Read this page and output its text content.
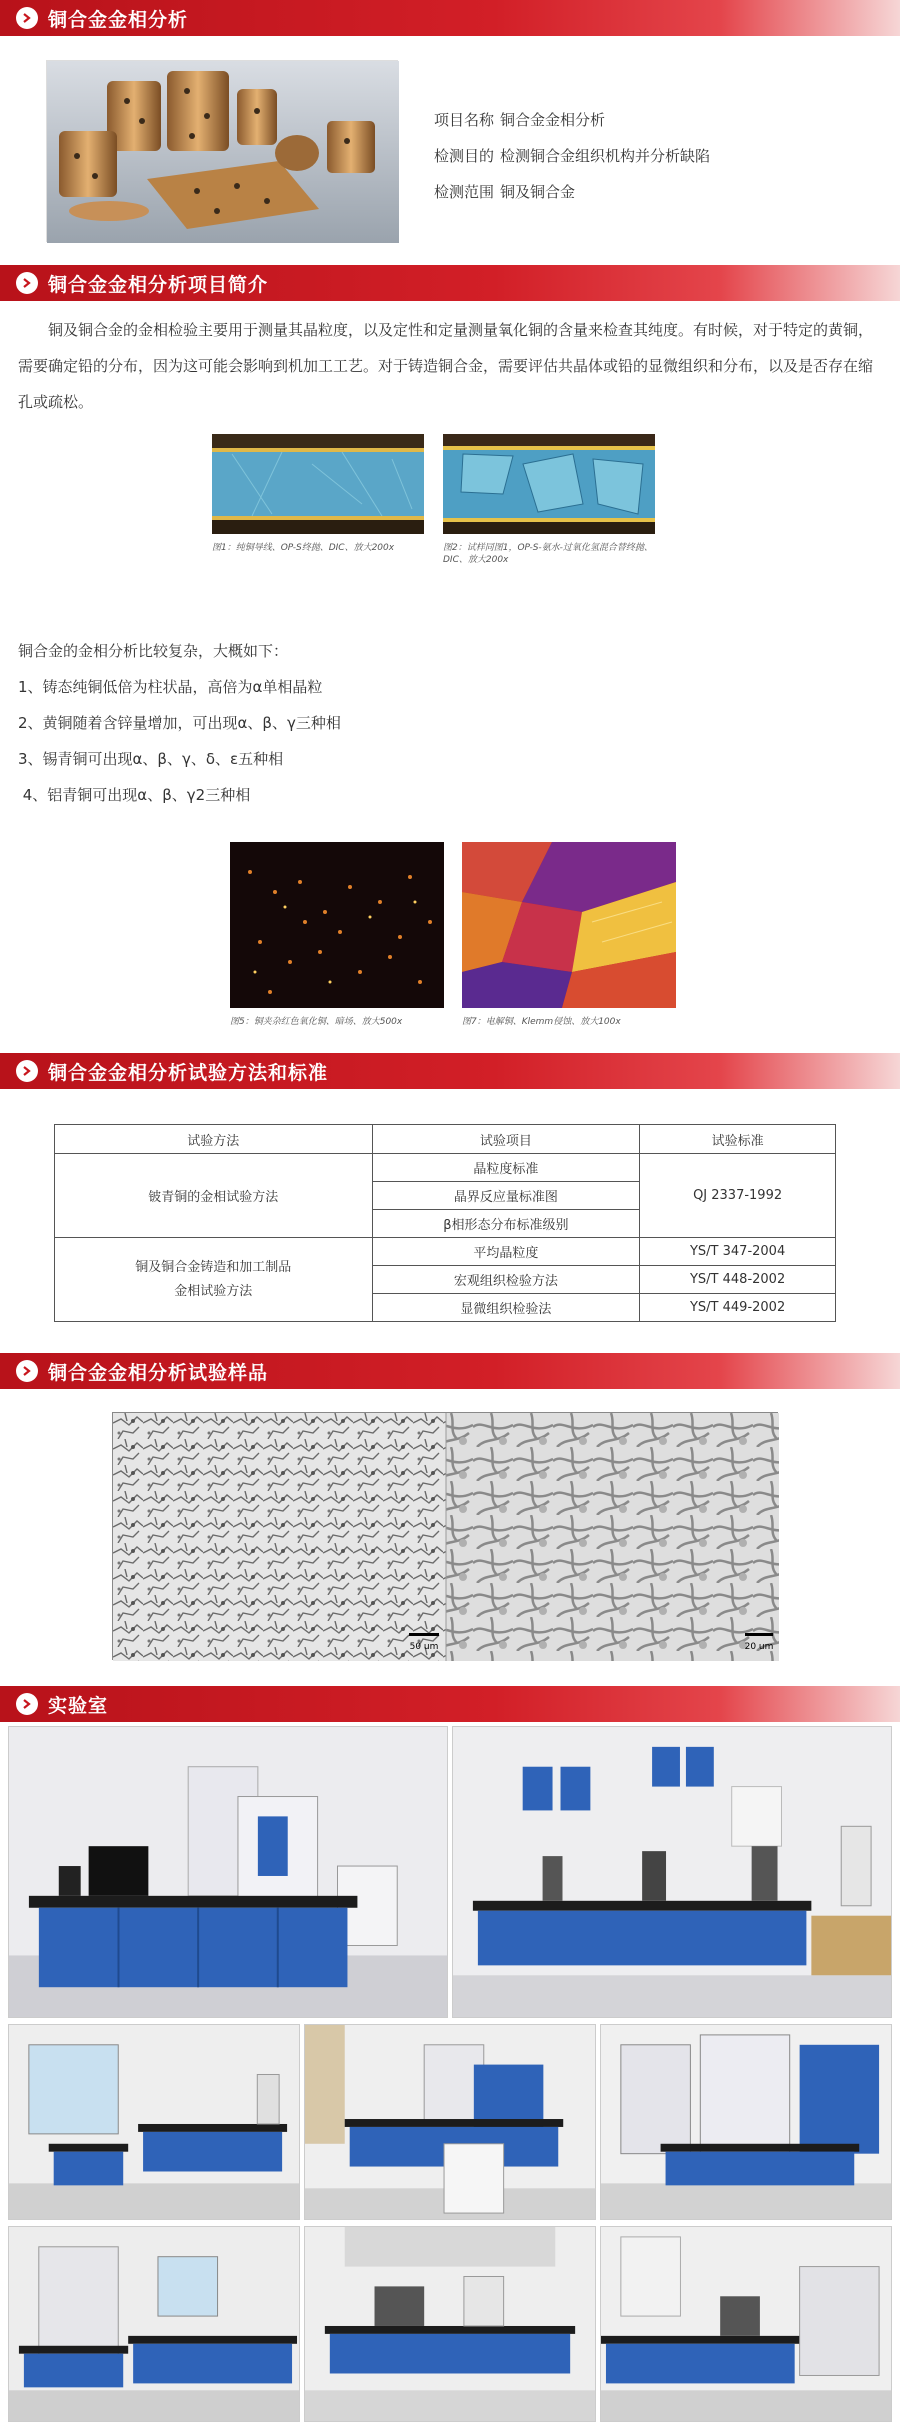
铜合金金相分析
项目名称 铜合金金相分析
检测目的 检测铜合金组织机构并分析缺陷
检测范围 铜及铜合金
铜合金金相分析项目简介

铜及铜合金的金相检验主要用于测量其晶粒度，以及定性和定量测量氧化铜的含量来检查其纯度。有时候，对于特定的黄铜，需要确定铅的分布，因为这可能会影响到机加工工艺。对于铸造铜合金，需要评估共晶体或铅的显微组织和分布，以及是否存在缩孔或疏松。

图1：纯铜导线、OP-S终抛、DIC、放大200x	图2：试样同图1，OP-S-氨水-过氧化氢混合替终抛、DIC、放大200x
铜合金的金相分析比较复杂，大概如下：
1、铸态纯铜低倍为柱状晶，高倍为α单相晶粒
2、黄铜随着含锌量增加，可出现α、β、γ三种相
3、锡青铜可出现α、β、γ、δ、ε五种相
4、铝青铜可出现α、β、γ2三种相
图5：铜夹杂红色氧化铜、暗场、放大500x	图7：电解铜、Klemm侵蚀、放大100x
铜合金金相分析试验方法和标准
试验方法	试验项目	试验标准
铍青铜的金相试验方法	晶粒度标准	QJ 2337-1992
	晶界反应量标准图	
	β相形态分布标准级别	

铜及铜合金铸造和加工制品
金相试验方法	平均晶粒度	YS/T 347-2004
	宏观组织检验方法	YS/T 448-2002
	显微组织检验法	YS/T 449-2002
铜合金金相分析试验样品
50 um	20 um
实验室
